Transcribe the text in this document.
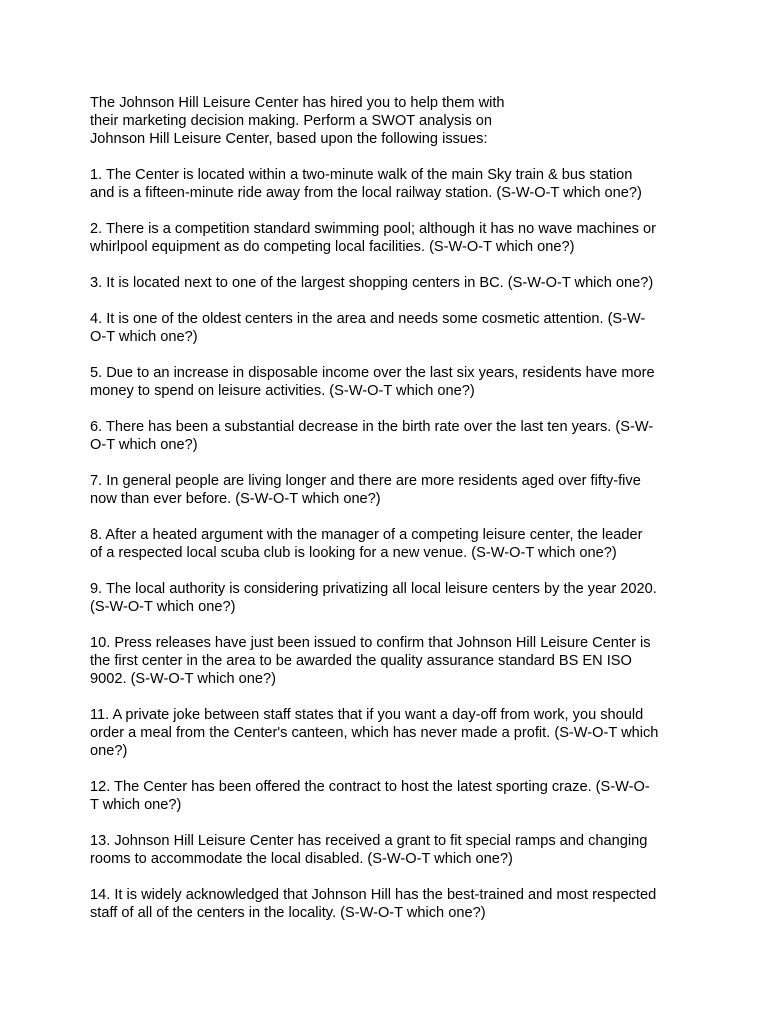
The Johnson Hill Leisure Center has hired you to help them with
their marketing decision making. Perform a SWOT analysis on
Johnson Hill Leisure Center, based upon the following issues:
1. The Center is located within a two-minute walk of the main Sky train & bus station
and is a fifteen-minute ride away from the local railway station. (S-W-O-T which one?)
2. There is a competition standard swimming pool; although it has no wave machines or
whirlpool equipment as do competing local facilities. (S-W-O-T which one?)
3. It is located next to one of the largest shopping centers in BC. (S-W-O-T which one?)
4. It is one of the oldest centers in the area and needs some cosmetic attention. (S-W-
O-T which one?)
5. Due to an increase in disposable income over the last six years, residents have more
money to spend on leisure activities. (S-W-O-T which one?)
6. There has been a substantial decrease in the birth rate over the last ten years. (S-W-
O-T which one?)
7. In general people are living longer and there are more residents aged over fifty-five
now than ever before. (S-W-O-T which one?)
8. After a heated argument with the manager of a competing leisure center, the leader
of a respected local scuba club is looking for a new venue. (S-W-O-T which one?)
9. The local authority is considering privatizing all local leisure centers by the year 2020.
(S-W-O-T which one?)
10. Press releases have just been issued to confirm that Johnson Hill Leisure Center is
the first center in the area to be awarded the quality assurance standard BS EN ISO
9002. (S-W-O-T which one?)
11. A private joke between staff states that if you want a day-off from work, you should
order a meal from the Center's canteen, which has never made a profit. (S-W-O-T which
one?)
12. The Center has been offered the contract to host the latest sporting craze. (S-W-O-
T which one?)
13. Johnson Hill Leisure Center has received a grant to fit special ramps and changing
rooms to accommodate the local disabled. (S-W-O-T which one?)
14. It is widely acknowledged that Johnson Hill has the best-trained and most respected
staff of all of the centers in the locality. (S-W-O-T which one?)
